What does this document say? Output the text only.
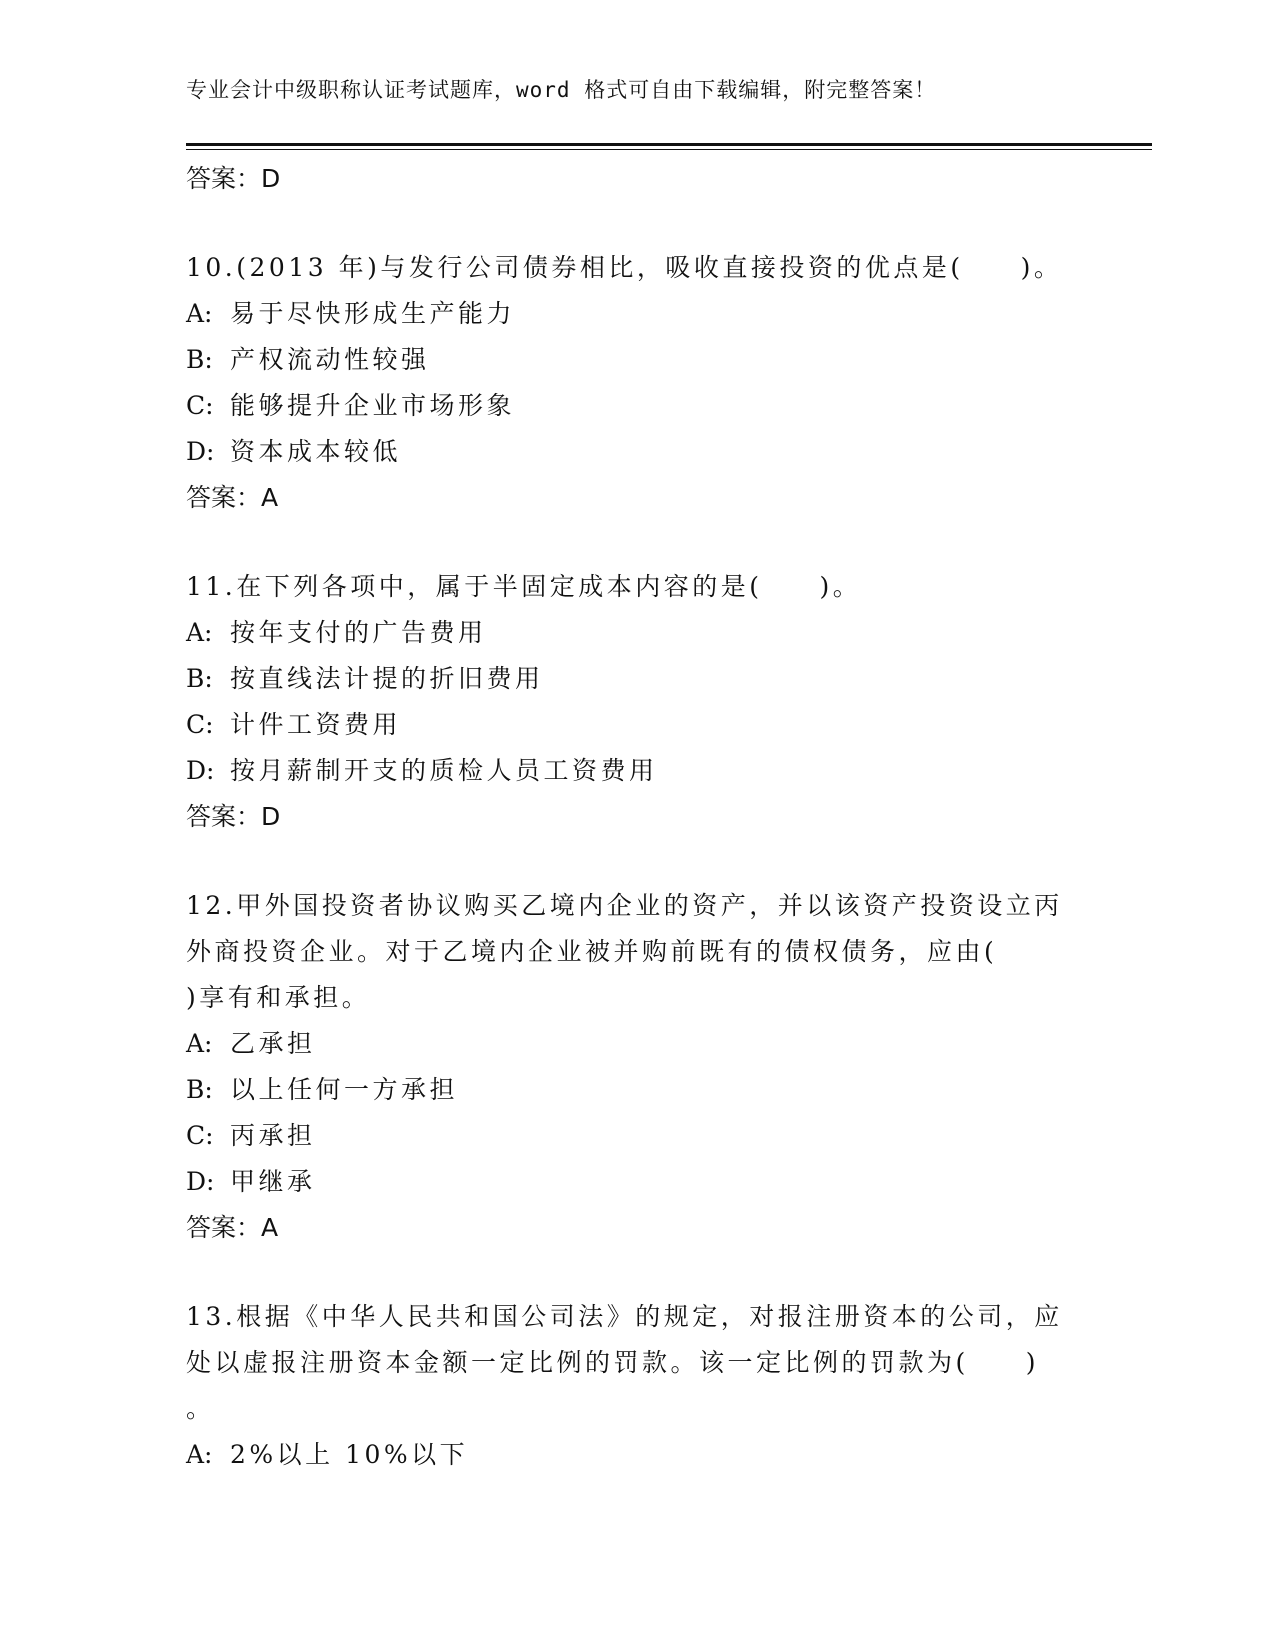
专业会计中级职称认证考试题库，word 格式可自由下载编辑，附完整答案！
答案：D
10.(2013 年)与发行公司债券相比，吸收直接投资的优点是(　　)。
A: 易于尽快形成生产能力
B: 产权流动性较强
C: 能够提升企业市场形象
D: 资本成本较低
答案：A
11.在下列各项中，属于半固定成本内容的是(　　)。
A: 按年支付的广告费用
B: 按直线法计提的折旧费用
C: 计件工资费用
D: 按月薪制开支的质检人员工资费用
答案：D
12.甲外国投资者协议购买乙境内企业的资产，并以该资产投资设立丙
外商投资企业。对于乙境内企业被并购前既有的债权债务，应由(
)享有和承担。
A: 乙承担
B: 以上任何一方承担
C: 丙承担
D: 甲继承
答案：A
13.根据《中华人民共和国公司法》的规定，对报注册资本的公司，应
处以虚报注册资本金额一定比例的罚款。该一定比例的罚款为(　　)
。
A: 2%以上 10%以下
